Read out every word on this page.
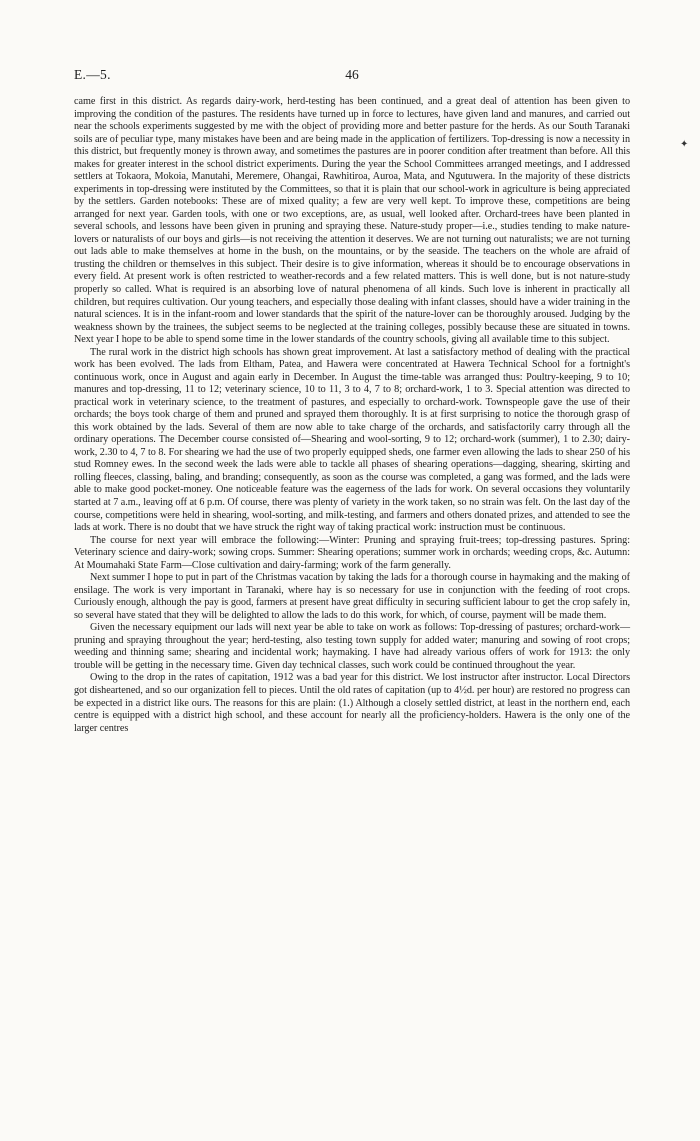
E.—5.	46
✦

came first in this district. As regards dairy-work, herd-testing has been continued, and a great deal of attention has been given to improving the condition of the pastures. The residents have turned up in force to lectures, have given land and manures, and carried out near the schools experiments suggested by me with the object of providing more and better pasture for the herds. As our South Taranaki soils are of peculiar type, many mistakes have been and are being made in the application of fertilizers. Top-dressing is now a necessity in this district, but frequently money is thrown away, and sometimes the pastures are in poorer condition after treatment than before. All this makes for greater interest in the school district experiments. During the year the School Committees arranged meetings, and I addressed settlers at Tokaora, Mokoia, Manutahi, Meremere, Ohangai, Rawhitiroa, Auroa, Mata, and Ngutuwera. In the majority of these districts experiments in top-dressing were instituted by the Committees, so that it is plain that our school-work in agriculture is being appreciated by the settlers. Garden notebooks: These are of mixed quality; a few are very well kept. To improve these, competitions are being arranged for next year. Garden tools, with one or two exceptions, are, as usual, well looked after. Orchard-trees have been planted in several schools, and lessons have been given in pruning and spraying these. Nature-study proper—i.e., studies tending to make nature-lovers or naturalists of our boys and girls—is not receiving the attention it deserves. We are not turning out naturalists; we are not turning out lads able to make themselves at home in the bush, on the mountains, or by the seaside. The teachers on the whole are afraid of trusting the children or themselves in this subject. Their desire is to give information, whereas it should be to encourage observations in every field. At present work is often restricted to weather-records and a few related matters. This is well done, but is not nature-study properly so called. What is required is an absorbing love of natural phenomena of all kinds. Such love is inherent in practically all children, but requires cultivation. Our young teachers, and especially those dealing with infant classes, should have a wider training in the natural sciences. It is in the infant-room and lower standards that the spirit of the nature-lover can be thoroughly aroused. Judging by the weakness shown by the trainees, the subject seems to be neglected at the training colleges, possibly because these are situated in towns. Next year I hope to be able to spend some time in the lower standards of the country schools, giving all available time to this subject.

The rural work in the district high schools has shown great improvement. At last a satisfactory method of dealing with the practical work has been evolved. The lads from Eltham, Patea, and Hawera were concentrated at Hawera Technical School for a fortnight's continuous work, once in August and again early in December. In August the time-table was arranged thus: Poultry-keeping, 9 to 10; manures and top-dressing, 11 to 12; veterinary science, 10 to 11, 3 to 4, 7 to 8; orchard-work, 1 to 3. Special attention was directed to practical work in veterinary science, to the treatment of pastures, and especially to orchard-work. Townspeople gave the use of their orchards; the boys took charge of them and pruned and sprayed them thoroughly. It is at first surprising to notice the thorough grasp of this work obtained by the lads. Several of them are now able to take charge of the orchards, and satisfactorily carry through all the ordinary operations. The December course consisted of—Shearing and wool-sorting, 9 to 12; orchard-work (summer), 1 to 2.30; dairy-work, 2.30 to 4, 7 to 8. For shearing we had the use of two properly equipped sheds, one farmer even allowing the lads to shear 250 of his stud Romney ewes. In the second week the lads were able to tackle all phases of shearing operations—dagging, shearing, skirting and rolling fleeces, classing, baling, and branding; consequently, as soon as the course was completed, a gang was formed, and the lads were able to make good pocket-money. One noticeable feature was the eagerness of the lads for work. On several occasions they voluntarily started at 7 a.m., leaving off at 6 p.m. Of course, there was plenty of variety in the work taken, so no strain was felt. On the last day of the course, competitions were held in shearing, wool-sorting, and milk-testing, and farmers and others donated prizes, and attended to see the lads at work. There is no doubt that we have struck the right way of taking practical work: instruction must be continuous.

The course for next year will embrace the following:—Winter: Pruning and spraying fruit-trees; top-dressing pastures. Spring: Veterinary science and dairy-work; sowing crops. Summer: Shearing operations; summer work in orchards; weeding crops, &c. Autumn: At Moumahaki State Farm—Close cultivation and dairy-farming; work of the farm generally.

Next summer I hope to put in part of the Christmas vacation by taking the lads for a thorough course in haymaking and the making of ensilage. The work is very important in Taranaki, where hay is so necessary for use in conjunction with the feeding of root crops. Curiously enough, although the pay is good, farmers at present have great difficulty in securing sufficient labour to get the crop safely in, so several have stated that they will be delighted to allow the lads to do this work, for which, of course, payment will be made them.

Given the necessary equipment our lads will next year be able to take on work as follows: Top-dressing of pastures; orchard-work—pruning and spraying throughout the year; herd-testing, also testing town supply for added water; manuring and sowing of root crops; weeding and thinning same; shearing and incidental work; haymaking. I have had already various offers of work for 1913: the only trouble will be getting in the necessary time. Given day technical classes, such work could be continued throughout the year.

Owing to the drop in the rates of capitation, 1912 was a bad year for this district. We lost instructor after instructor. Local Directors got disheartened, and so our organization fell to pieces. Until the old rates of capitation (up to 4½d. per hour) are restored no progress can be expected in a district like ours. The reasons for this are plain: (1.) Although a closely settled district, at least in the northern end, each centre is equipped with a district high school, and these account for nearly all the proficiency-holders. Hawera is the only one of the larger centres
